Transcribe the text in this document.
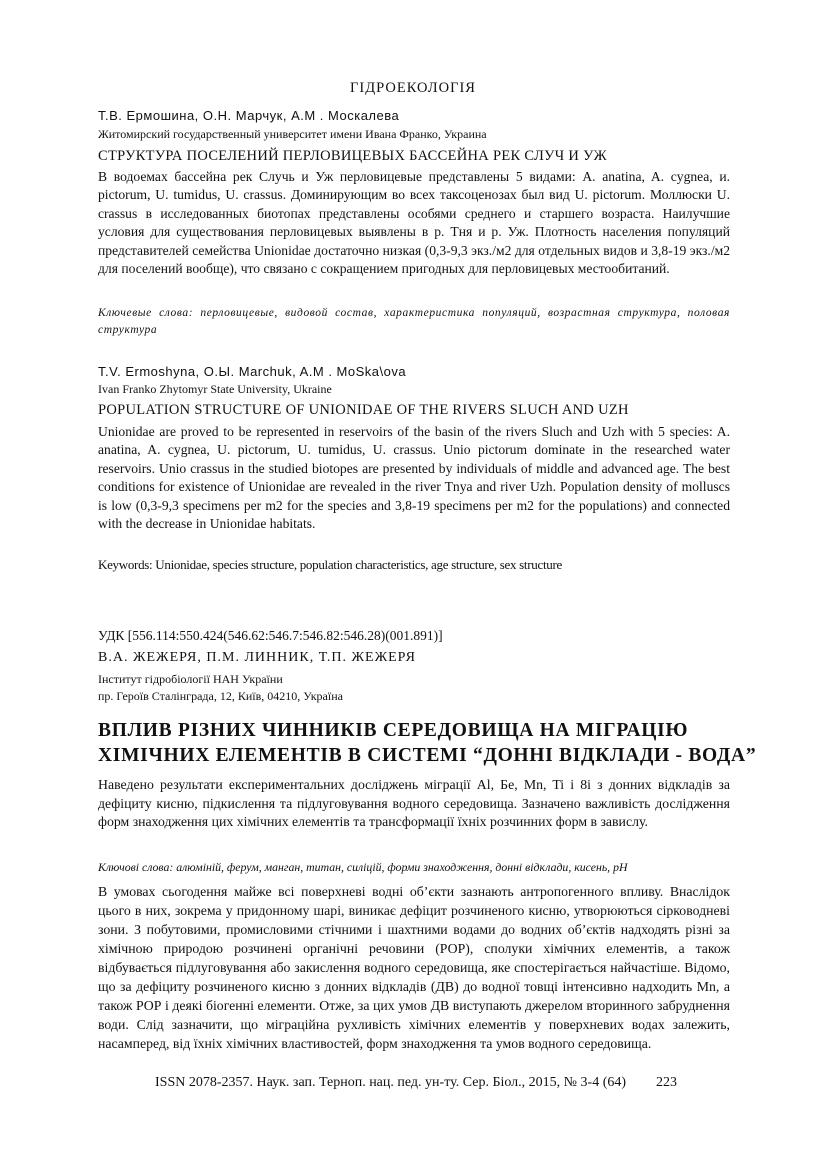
ГІДРОЕКОЛОГІЯ
Т.В. Ермошина, О.Н. Марчук, А.М . Москалева
Житомирский государственный университет имени Ивана Франко, Украина
СТРУКТУРА ПОСЕЛЕНИЙ ПЕРЛОВИЦЕВЫХ БАССЕЙНА РЕК СЛУЧ И УЖ
В водоемах бассейна рек Случь и Уж перловицевые представлены 5 видами: A. anatina, A. cygnea, и. pictorum, U. tumidus, U. crassus. Доминирующим во всех таксоценозах был вид U. pictorum. Моллюски U. crassus в исследованных биотопах представлены особями среднего и старшего возраста. Наилучшие условия для существования перловицевых выявлены в р. Тня и р. Уж. Плотность населения популяций представителей семейства Unionidae достаточно низкая (0,3-9,3 экз./м2 для отдельных видов и 3,8-19 экз./м2 для поселений вообще), что связано с сокращением пригодных для перловицевых местообитаний.
Ключевые слова: перловицевые, видовой состав, характеристика популяций, возрастная структура, половая структура
T.V. Ermoshyna, O.Ы. Marchuk, A.M . MoSka\ova
Ivan Franko Zhytomyr State University, Ukraine
POPULATION STRUCTURE OF UNIONIDAE OF THE RIVERS SLUCH AND UZH
Unionidae are proved to be represented in reservoirs of the basin of the rivers Sluch and Uzh with 5 species: A. anatina, A. cygnea, U. pictorum, U. tumidus, U. crassus. Unio pictorum dominate in the researched water reservoirs. Unio crassus in the studied biotopes are presented by individuals of middle and advanced age. The best conditions for existence of Unionidae are revealed in the river Tnya and river Uzh. Population density of molluscs is low (0,3-9,3 specimens per m2 for the species and 3,8-19 specimens per m2 for the populations) and connected with the decrease in Unionidae habitats.
Keywords: Unionidae, species structure, population characteristics, age structure, sex structure
УДК [556.114:550.424(546.62:546.7:546.82:546.28)(001.891)]
В.А. ЖЕЖЕРЯ, П.М. ЛИННИК, Т.П. ЖЕЖЕРЯ
Інститут гідробіології НАН України
пр. Героїв Сталінграда, 12, Київ, 04210, Україна
ВПЛИВ РІЗНИХ ЧИННИКІВ СЕРЕДОВИЩА НА МІГРАЦІЮ
ХІМІЧНИХ ЕЛЕМЕНТІВ В СИСТЕМІ “ДОННІ ВІДКЛАДИ - ВОДА”
Наведено результати експериментальних досліджень міграції Al, Бе, Mn, Ti і 8і з донних відкладів за дефіциту кисню, підкислення та підлуговування водного середовища. Зазначено важливість дослідження форм знаходження цих хімічних елементів та трансформації їхніх розчинних форм в завислу.
Ключові слова: алюміній, ферум, манган, титан, силіцій, форми знаходження, донні відклади, кисень, рН
В умовах сьогодення майже всі поверхневі водні об’єкти зазнають антропогенного впливу. Внаслідок цього в них, зокрема у придонному шарі, виникає дефіцит розчиненого кисню, утворюються сірководневі зони. З побутовими, промисловими стічними і шахтними водами до водних об’єктів надходять різні за хімічною природою розчинені органічні речовини (РОР), сполуки хімічних елементів, а також відбувається підлуговування або закислення водного середовища, яке спостерігається найчастіше. Відомо, що за дефіциту розчиненого кисню з донних відкладів (ДВ) до водної товщі інтенсивно надходить Mn, а також РОР і деякі біогенні елементи. Отже, за цих умов ДВ виступають джерелом вторинного забруднення води. Слід зазначити, що міграційна рухливість хімічних елементів у поверхневих водах залежить, насамперед, від їхніх хімічних властивостей, форм знаходження та умов водного середовища.
ISSN 2078-2357. Наук. зап. Терноп. нац. пед. ун-ту. Сер. Біол., 2015, № 3-4 (64) 223
